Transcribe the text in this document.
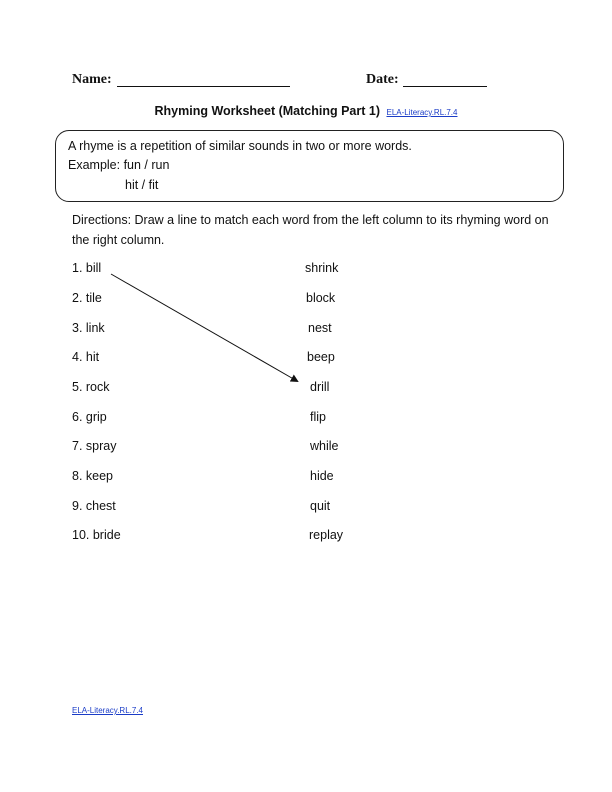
Name:	Date:
Rhyming Worksheet (Matching Part 1) ELA-Literacy.RL.7.4
A rhyme is a repetition of similar sounds in two or more words.
Example: fun / run
hit / fit
Directions: Draw a line to match each word from the left column to its rhyming word on the right column.
1. bill
2. tile
3. link
4. hit
5. rock
6. grip
7. spray
8. keep
9. chest
10. bride
shrink
block
nest
beep
drill
flip
while
hide
quit
replay
ELA-Literacy.RL.7.4
